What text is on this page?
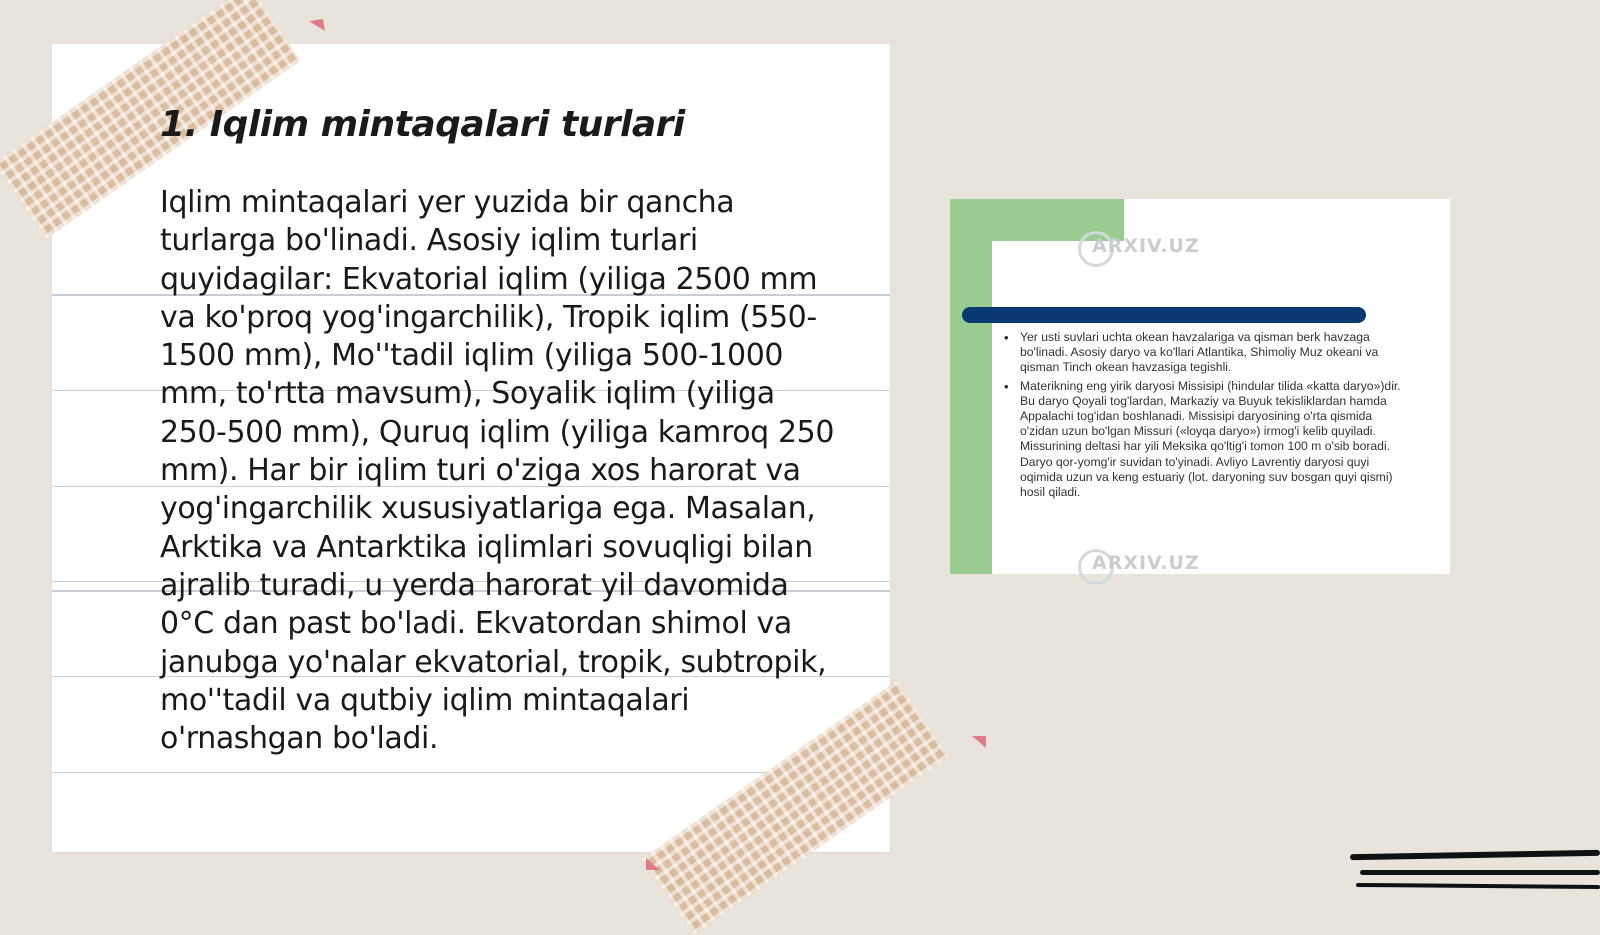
1. Iqlim mintaqalari turlari

Iqlim mintaqalari yer yuzida bir qancha turlarga bo'linadi. Asosiy iqlim turlari quyidagilar: Ekvatorial iqlim (yiliga 2500 mm va ko'proq yog'ingarchilik), Tropik iqlim (550-1500 mm), Mo''tadil iqlim (yiliga 500-1000 mm, to'rtta mavsum), Soyalik iqlim (yiliga 250-500 mm), Quruq iqlim (yiliga kamroq 250 mm). Har bir iqlim turi o'ziga xos harorat va yog'ingarchilik xususiyatlariga ega. Masalan, Arktika va Antarktika iqlimlari sovuqligi bilan ajralib turadi, u yerda harorat yil davomida 0°C dan past bo'ladi. Ekvatordan shimol va janubga yo'nalar ekvatorial, tropik, subtropik, mo''tadil va qutbiy iqlim mintaqalari o'rnashgan bo'ladi.

ARXIV.UZ
• Yer usti suvlari uchta okean havzalariga va qisman berk havzaga bo'linadi. Asosiy daryo va ko'llari Atlantika, Shimoliy Muz okeani va qisman Tinch okean havzasiga tegishli.
• Materikning eng yirik daryosi Missisipi (hindular tilida «katta daryo»)dir. Bu daryo Qoyali tog'lardan, Markaziy va Buyuk tekisliklardan hamda Appalachi tog'idan boshlanadi. Missisipi daryosining o'rta qismida o'zidan uzun bo'lgan Missuri («loyqa daryo») irmog'i kelib quyiladi. Missurining deltasi har yili Meksika qo'ltig'i tomon 100 m o'sib boradi. Daryo qor-yomg'ir suvidan to'yinadi. Avliyo Lavrentiy daryosi quyi oqimida uzun va keng estuariy (lot. daryoning suv bosgan quyi qismi) hosil qiladi.
ARXIV.UZ
